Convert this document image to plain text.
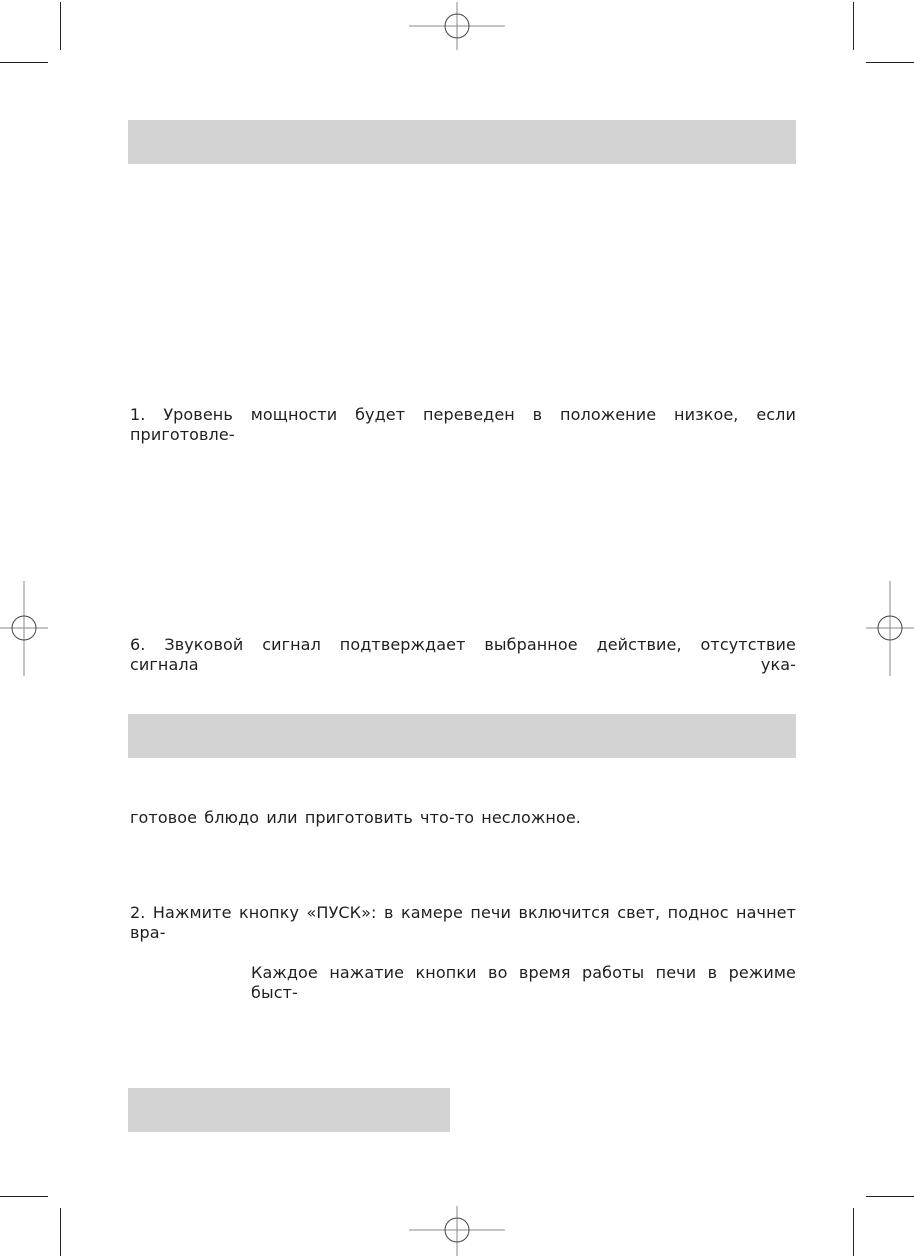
1. Уровень мощности будет переведен в положение низкое, если приготовле-
6. Звуковой сигнал подтверждает выбранное действие, отсутствие сигнала ука-
готовое блюдо или приготовить что-то несложное.
2. Нажмите кнопку «ПУСК»: в камере печи включится свет, поднос начнет вра-
Каждое нажатие кнопки во время работы печи в режиме быст-
